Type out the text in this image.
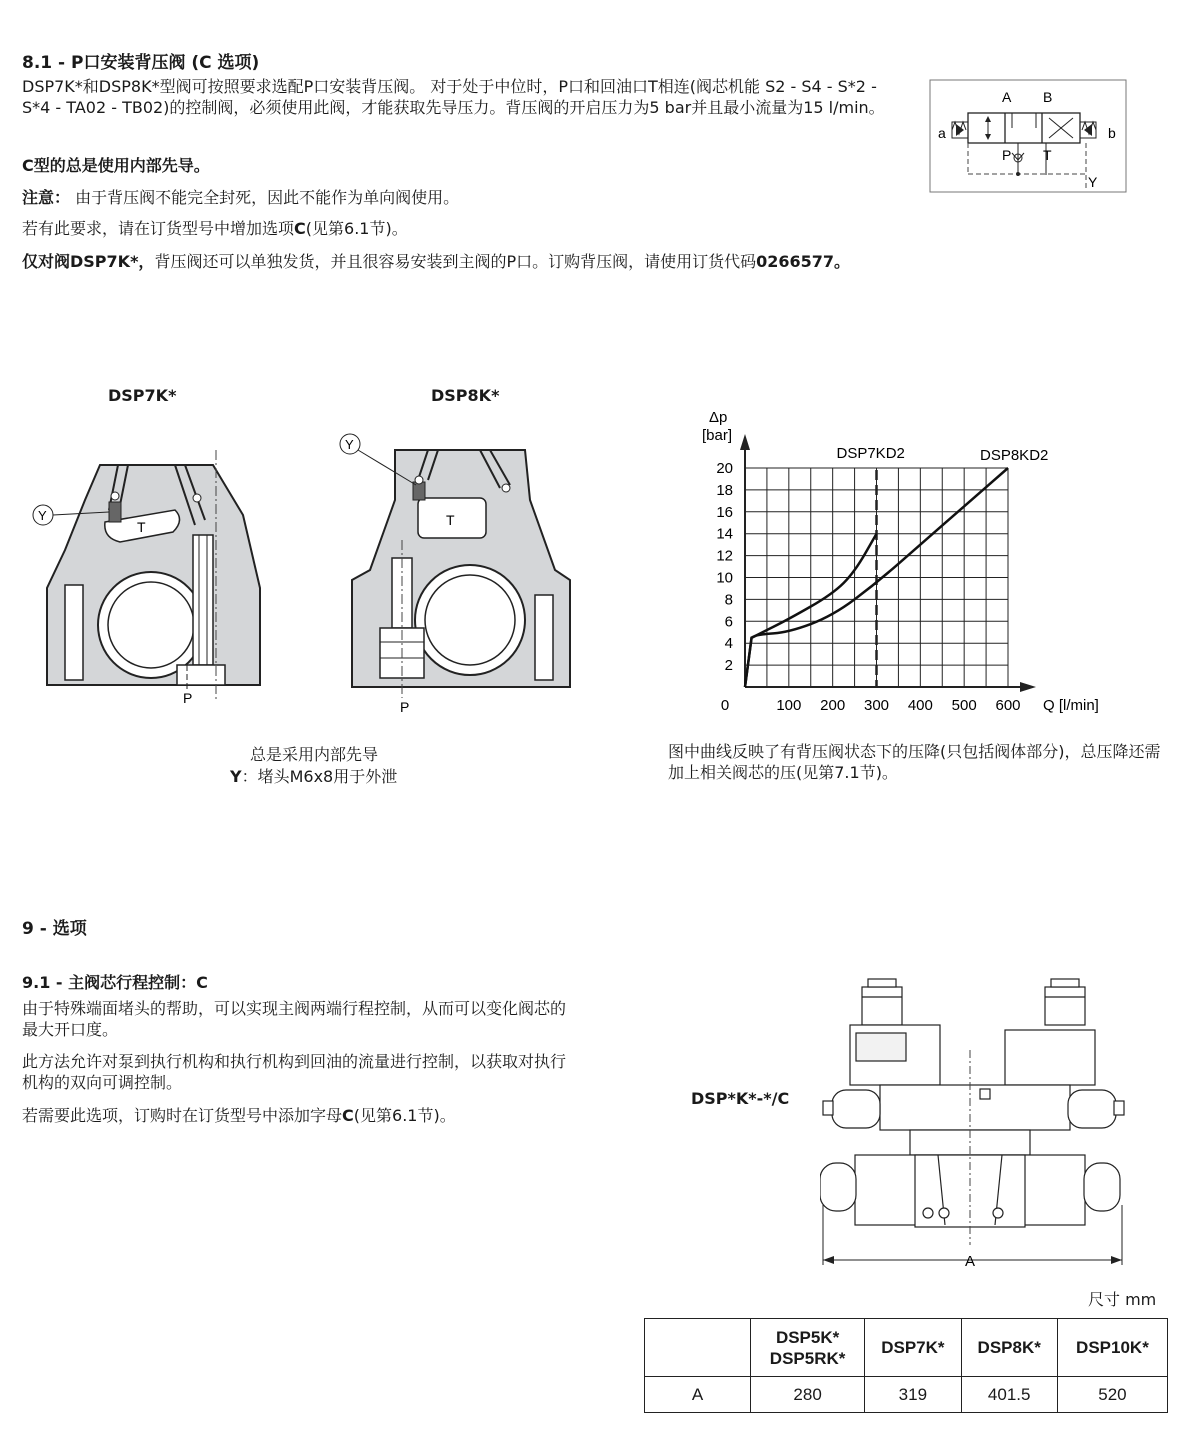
8.1 - P口安装背压阀 (C 选项)
DSP7K*和DSP8K*型阀可按照要求选配P口安装背压阀。 对于处于中位时，P口和回油口T相连(阀芯机能 S2 - S4 - S*2 - S*4 - TA02 - TB02)的控制阀，必须使用此阀，才能获取先导压力。背压阀的开启压力为5 bar并且最小流量为15 l/min。
C型的总是使用内部先导。
注意： 由于背压阀不能完全封死，因此不能作为单向阀使用。
若有此要求，请在订货型号中增加选项C(见第6.1节)。
仅对阀DSP7K*，背压阀还可以单独发货，并且很容易安装到主阀的P口。订购背压阀，请使用订货代码0266577。
A B
a	b
P T
Y
DSP7K*	DSP8K*
T
Y
P
T
Y
P
总是采用内部先导
Y：堵头M6x8用于外泄
2
4
6
8
10
12
14
16
18
20
0	100 200 300 400 500 600
Δp
[bar]
Q [l/min]
DSP7KD2	DSP8KD2
图中曲线反映了有背压阀状态下的压降(只包括阀体部分)，总压降还需加上相关阀芯的压(见第7.1节)。
9 - 选项
9.1 - 主阀芯行程控制：C
由于特殊端面堵头的帮助，可以实现主阀两端行程控制，从而可以变化阀芯的最大开口度。
此方法允许对泵到执行机构和执行机构到回油的流量进行控制，以获取对执行机构的双向可调控制。
若需要此选项，订购时在订货型号中添加字母C(见第6.1节)。
DSP*K*-*/C
A
尺寸 mm
	DSP5K*
DSP5RK*	DSP7K*	DSP8K*	DSP10K*
A	280	319	401.5	520
